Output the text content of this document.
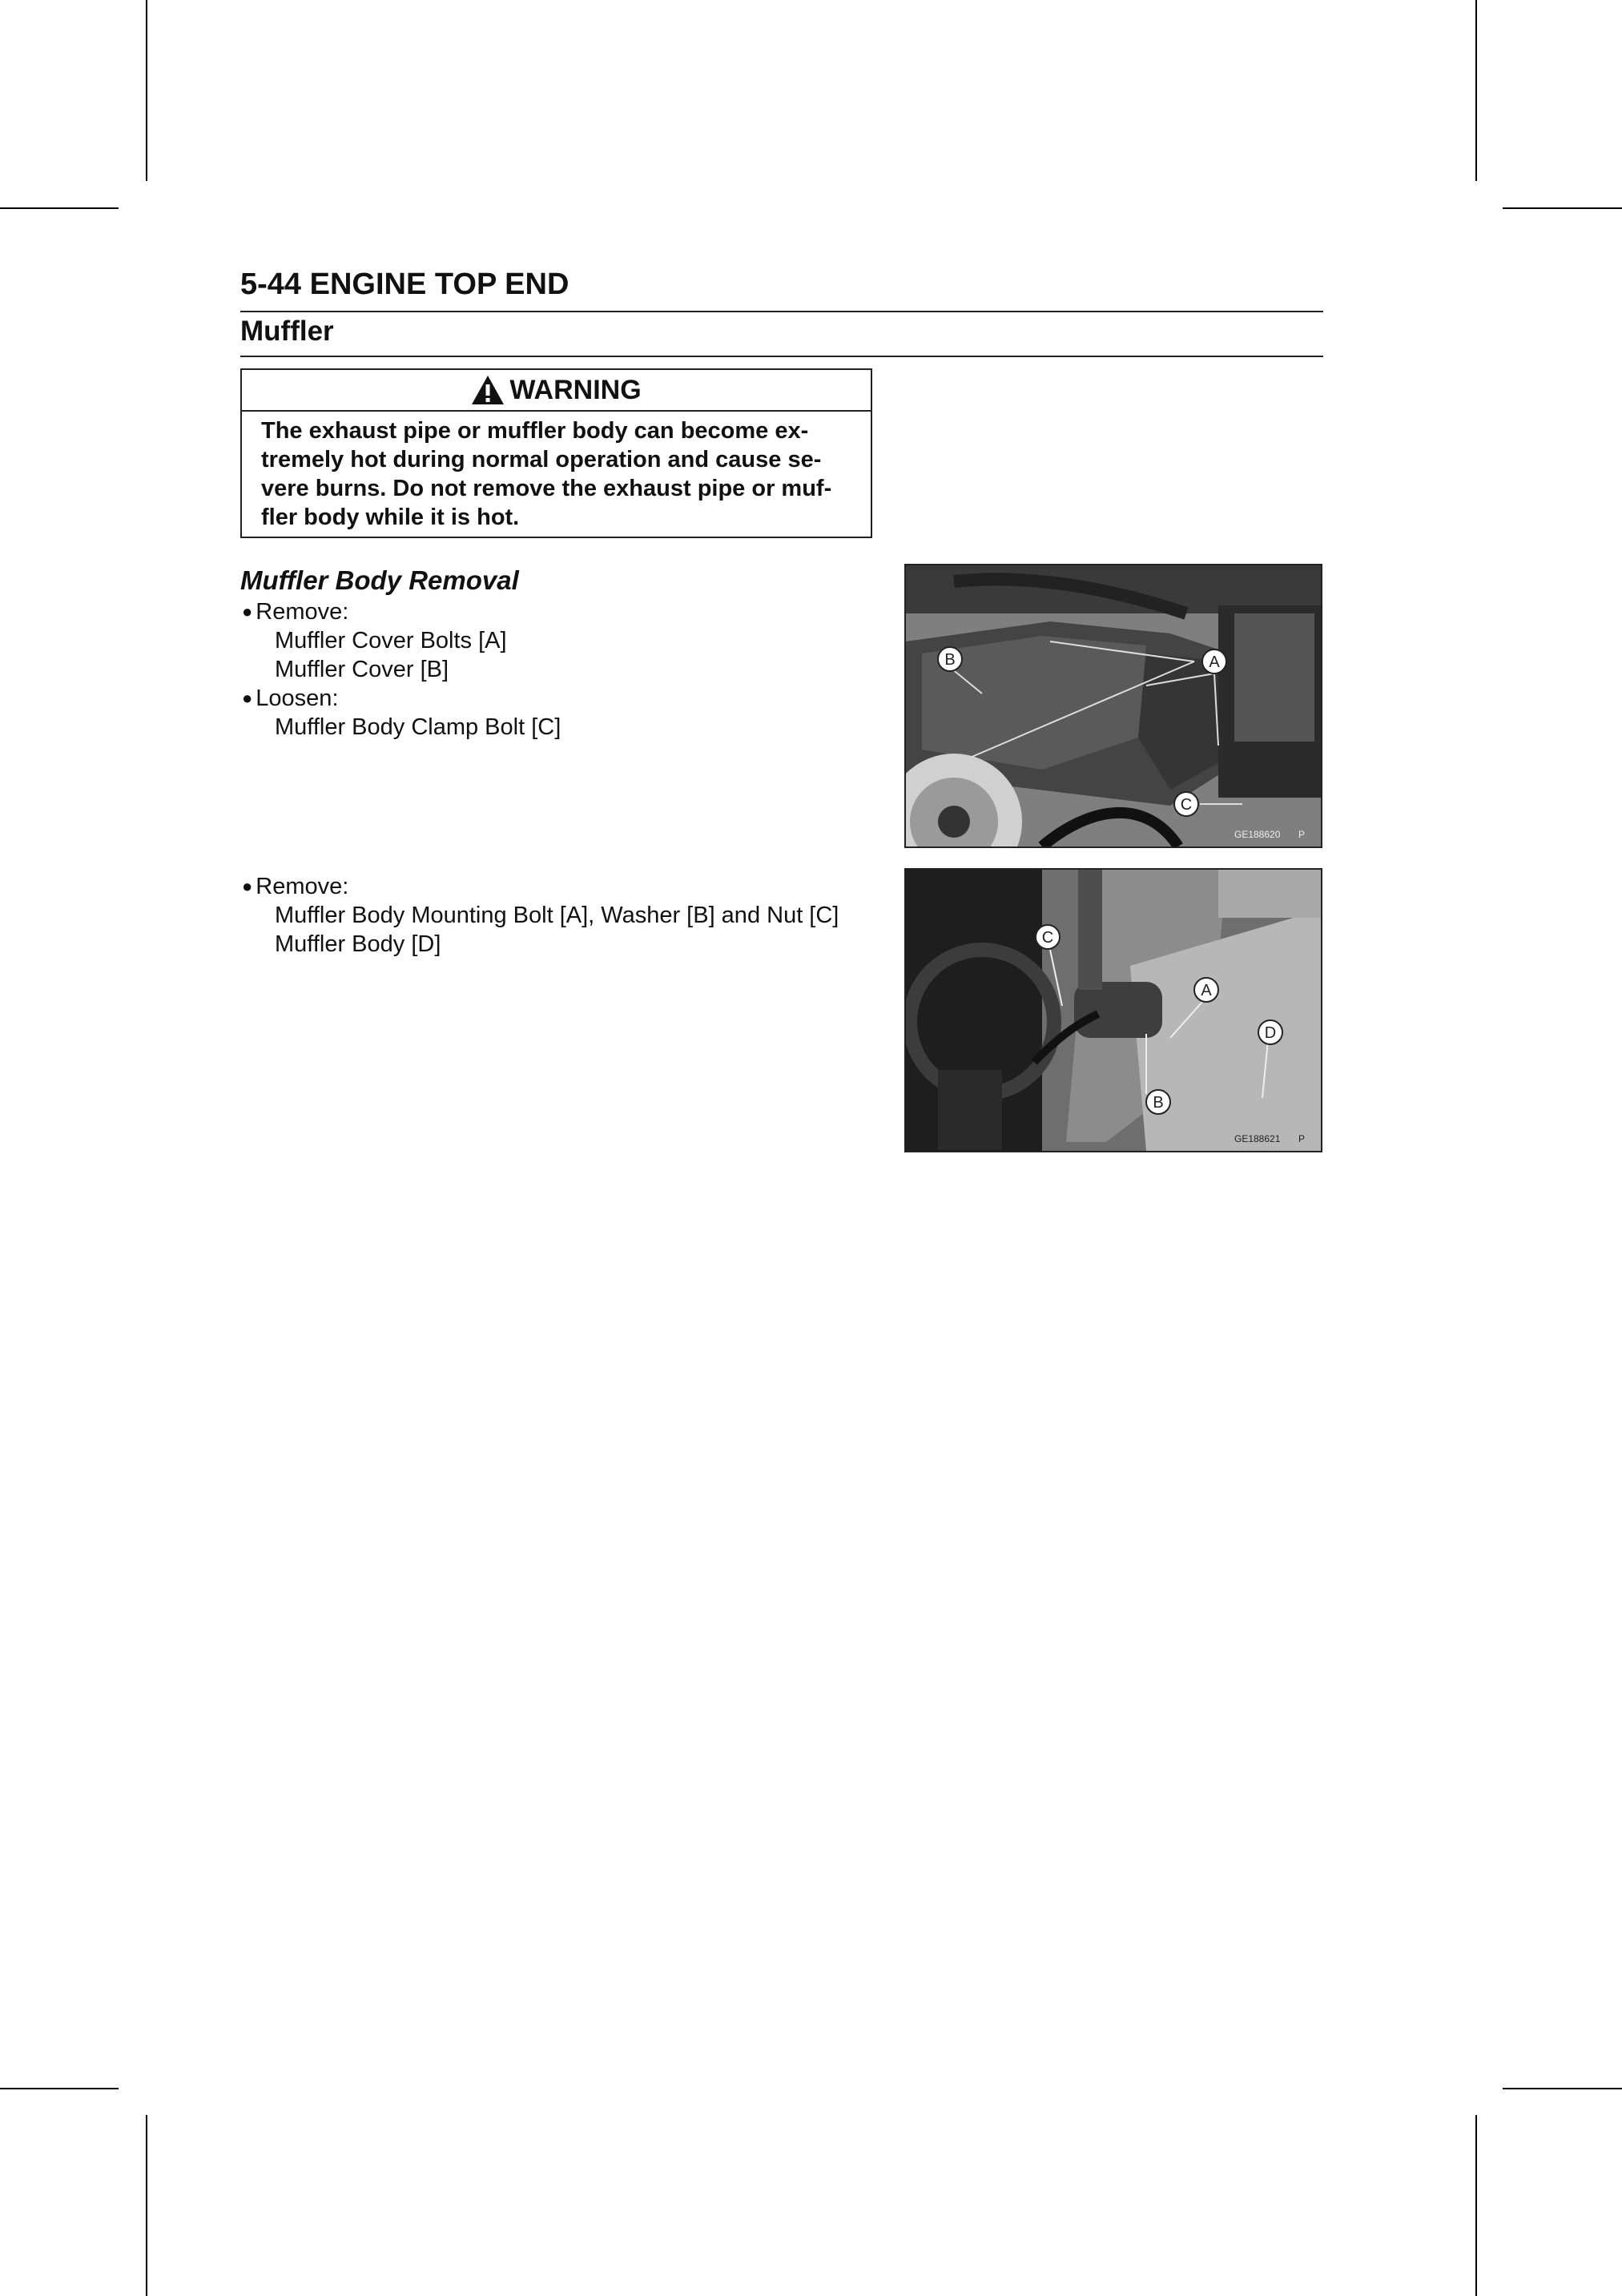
5-44 ENGINE TOP END
Muffler
WARNING
The exhaust pipe or muffler body can become ex-
tremely hot during normal operation and cause se-
vere burns. Do not remove the exhaust pipe or muf-
fler body while it is hot.
Muffler Body Removal
● Remove:
Muffler Cover Bolts [A]
Muffler Cover [B]
● Loosen:
Muffler Body Clamp Bolt [C]
● Remove:
Muffler Body Mounting Bolt [A], Washer [B] and Nut [C]
Muffler Body [D]
A
B
C
GE188620 P
C
A
D
B
GE188621 P
